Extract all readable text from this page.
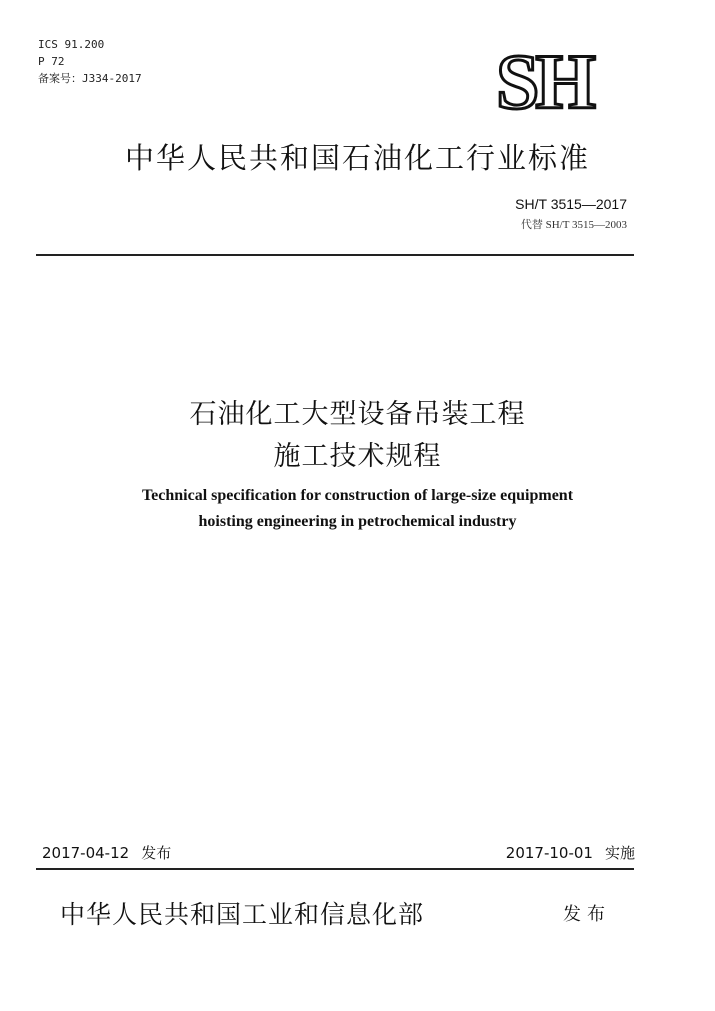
ICS 91.200
P 72
备案号：J334-2017	SH
中华人民共和国石油化工行业标准
SH/T 3515—2017
代替 SH/T 3515—2003
石油化工大型设备吊装工程
施工技术规程
Technical specification for construction of large-size equipment
hoisting engineering in petrochemical industry
2017-04-12 发布	2017-10-01 实施
中华人民共和国工业和信息化部	发布
